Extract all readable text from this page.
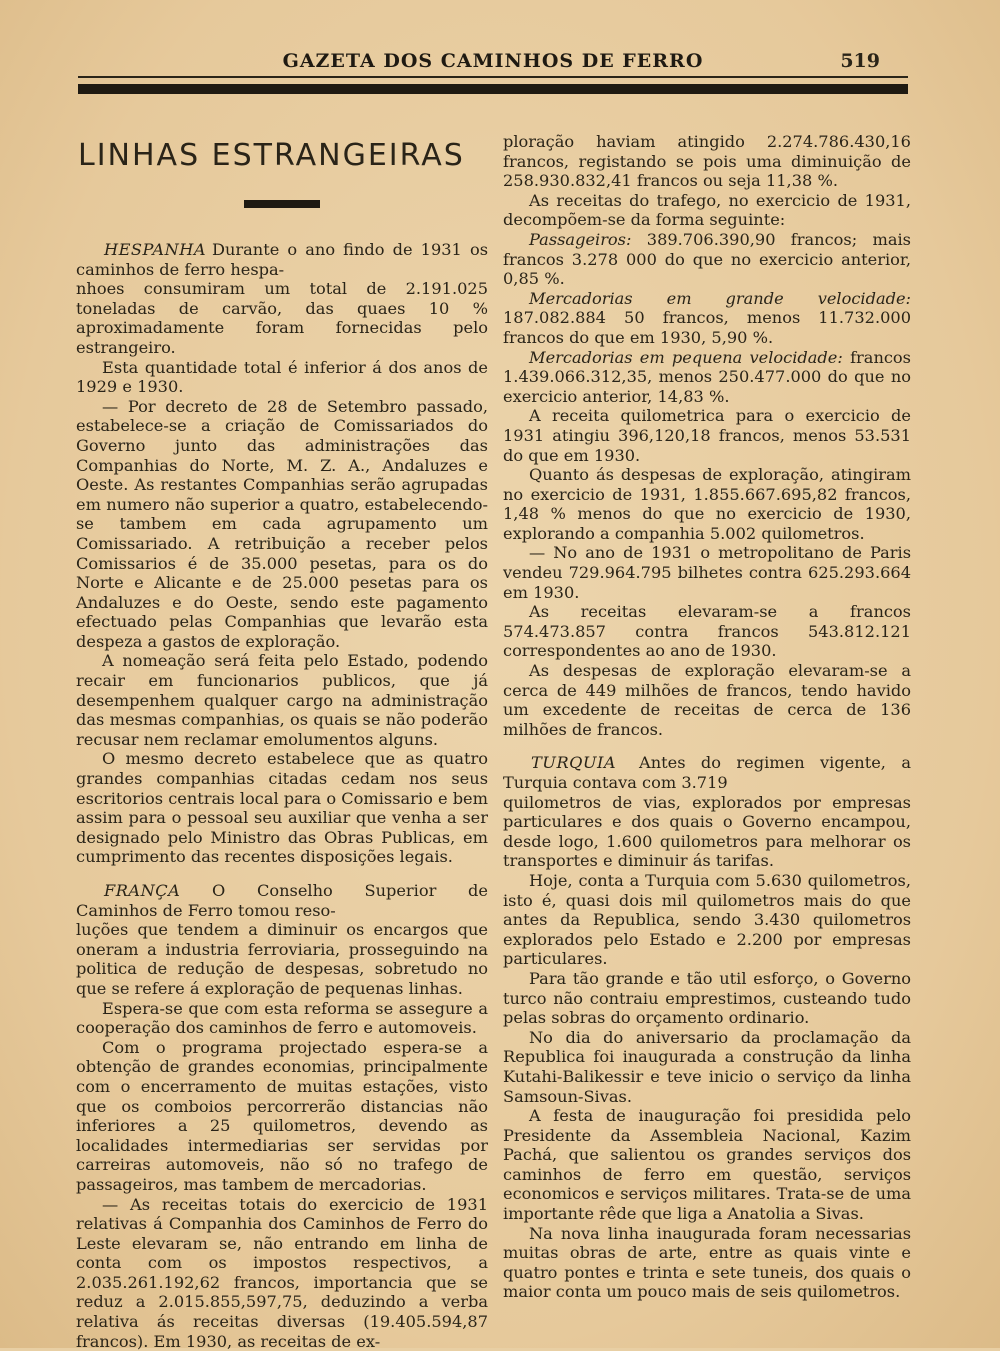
GAZETA DOS CAMINHOS DE FERRO	519
LINHAS ESTRANGEIRAS

HESPANHA Durante o ano findo de 1931 os caminhos de ferro hespa-

nhoes consumiram um total de 2.191.025 toneladas de carvão, das quaes 10 % aproximadamente foram fornecidas pelo estrangeiro.

Esta quantidade total é inferior á dos anos de 1929 e 1930.

— Por decreto de 28 de Setembro passado, estabelece-se a criação de Comissariados do Governo junto das administrações das Companhias do Norte, M. Z. A., Andaluzes e Oeste. As restantes Companhias serão agrupadas em numero não superior a quatro, estabelecendo-se tambem em cada agrupamento um Comissariado. A retribuição a receber pelos Comissarios é de 35.000 pesetas, para os do Norte e Alicante e de 25.000 pesetas para os Andaluzes e do Oeste, sendo este pagamento efectuado pelas Companhias que levarão esta despeza a gastos de exploração.

A nomeação será feita pelo Estado, podendo recair em funcionarios publicos, que já desempenhem qualquer cargo na administração das mesmas companhias, os quais se não poderão recusar nem reclamar emolumentos alguns.

O mesmo decreto estabelece que as quatro grandes companhias citadas cedam nos seus escritorios centrais local para o Comissario e bem assim para o pessoal seu auxiliar que venha a ser designado pelo Ministro das Obras Publicas, em cumprimento das recentes disposições legais.

FRANÇA O Conselho Superior de Caminhos de Ferro tomou reso-

luções que tendem a diminuir os encargos que oneram a industria ferroviaria, prosseguindo na politica de redução de despesas, sobretudo no que se refere á exploração de pequenas linhas.

Espera-se que com esta reforma se assegure a cooperação dos caminhos de ferro e automoveis.

Com o programa projectado espera-se a obtenção de grandes economias, principalmente com o encerramento de muitas estações, visto que os comboios percorrerão distancias não inferiores a 25 quilometros, devendo as localidades intermediarias ser servidas por carreiras automoveis, não só no trafego de passageiros, mas tambem de mercadorias.

— As receitas totais do exercicio de 1931 relativas á Companhia dos Caminhos de Ferro do Leste elevaram se, não entrando em linha de conta com os impostos respectivos, a 2.035.261.192,62 francos, importancia que se reduz a 2.015.855,597,75, deduzindo a verba relativa ás receitas diversas (19.405.594,87 francos). Em 1930, as receitas de ex-

ploração haviam atingido 2.274.786.430,16 francos, registando se pois uma diminuição de 258.930.832,41 francos ou seja 11,38 %.

As receitas do trafego, no exercicio de 1931, decompõem-se da forma seguinte:

Passageiros: 389.706.390,90 francos; mais francos 3.278 000 do que no exercicio anterior, 0,85 %.

Mercadorias em grande velocidade: 187.082.884 50 francos, menos 11.732.000 francos do que em 1930, 5,90 %.

Mercadorias em pequena velocidade: francos 1.439.066.312,35, menos 250.477.000 do que no exercicio anterior, 14,83 %.

A receita quilometrica para o exercicio de 1931 atingiu 396,120,18 francos, menos 53.531 do que em 1930.

Quanto ás despesas de exploração, atingiram no exercicio de 1931, 1.855.667.695,82 francos, 1,48 % menos do que no exercicio de 1930, explorando a companhia 5.002 quilometros.

— No ano de 1931 o metropolitano de Paris vendeu 729.964.795 bilhetes contra 625.293.664 em 1930.

As receitas elevaram-se a francos 574.473.857 contra francos 543.812.121 correspondentes ao ano de 1930.

As despesas de exploração elevaram-se a cerca de 449 milhões de francos, tendo havido um excedente de receitas de cerca de 136 milhões de francos.

TURQUIA Antes do regimen vigente, a Turquia contava com 3.719

quilometros de vias, explorados por empresas particulares e dos quais o Governo encampou, desde logo, 1.600 quilometros para melhorar os transportes e diminuir ás tarifas.

Hoje, conta a Turquia com 5.630 quilometros, isto é, quasi dois mil quilometros mais do que antes da Republica, sendo 3.430 quilometros explorados pelo Estado e 2.200 por empresas particulares.

Para tão grande e tão util esforço, o Governo turco não contraiu emprestimos, custeando tudo pelas sobras do orçamento ordinario.

No dia do aniversario da proclamação da Republica foi inaugurada a construção da linha Kutahi-Balikessir e teve inicio o serviço da linha Samsoun-Sivas.

A festa de inauguração foi presidida pelo Presidente da Assembleia Nacional, Kazim Pachá, que salientou os grandes serviços dos caminhos de ferro em questão, serviços economicos e serviços militares. Trata-se de uma importante rêde que liga a Anatolia a Sivas.

Na nova linha inaugurada foram necessarias muitas obras de arte, entre as quais vinte e quatro pontes e trinta e sete tuneis, dos quais o maior conta um pouco mais de seis quilometros.
